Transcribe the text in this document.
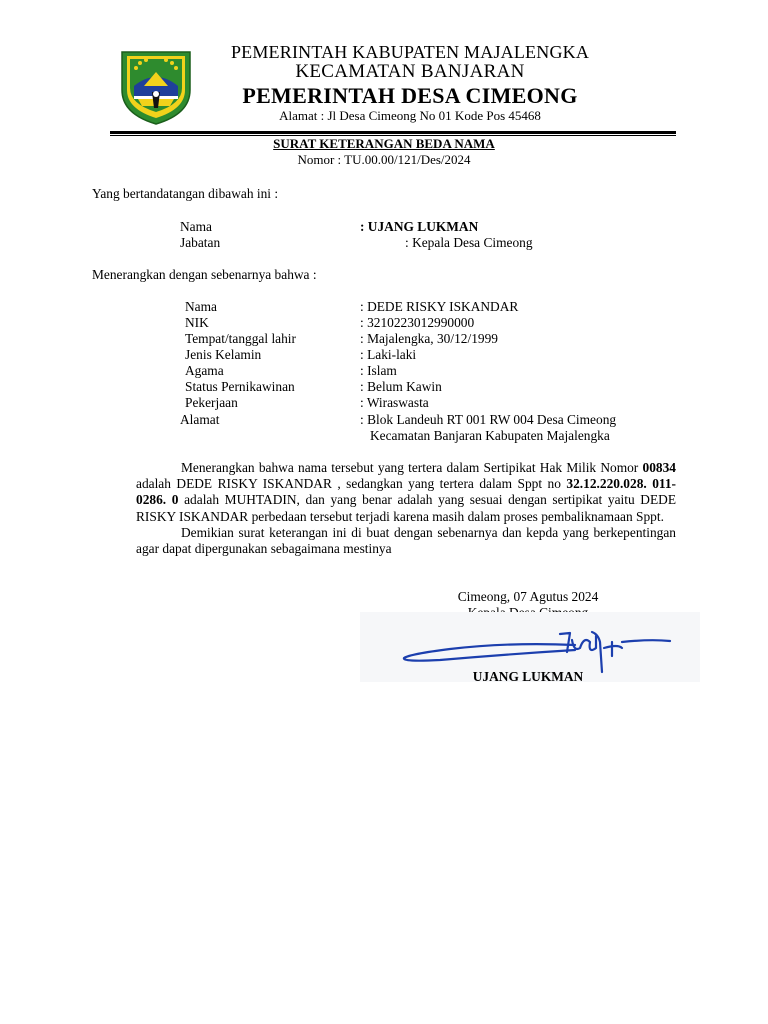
PEMERINTAH KABUPATEN MAJALENGKA
KECAMATAN BANJARAN
PEMERINTAH DESA CIMEONG
Alamat : Jl Desa Cimeong No 01 Kode Pos 45468
SURAT KETERANGAN BEDA NAMA
Nomor : TU.00.00/121/Des/2024
Yang bertandatangan dibawah ini :
Nama	: UJANG LUKMAN
Jabatan	: Kepala Desa Cimeong
Menerangkan dengan sebenarnya bahwa :
Nama	: DEDE RISKY ISKANDAR
NIK	: 3210223012990000
Tempat/tanggal lahir	: Majalengka, 30/12/1999
Jenis Kelamin	: Laki-laki
Agama	: Islam
Status Pernikawinan	: Belum Kawin
Pekerjaan	: Wiraswasta
Alamat	: Blok Landeuh RT 001 RW 004 Desa Cimeong
Kecamatan Banjaran Kabupaten Majalengka

Menerangkan bahwa nama tersebut yang tertera dalam Sertipikat Hak Milik Nomor 00834 adalah DEDE RISKY ISKANDAR , sedangkan yang tertera dalam Sppt no 32.12.220.028. 011-0286. 0 adalah MUHTADIN, dan yang benar adalah yang sesuai dengan sertipikat yaitu DEDE RISKY ISKANDAR perbedaan tersebut terjadi karena masih dalam proses pembaliknamaan Sppt.

Demikian surat keterangan ini di buat dengan sebenarnya dan kepda yang berkepentingan agar dapat dipergunakan sebagaimana mestinya

Cimeong, 07 Agutus 2024
UJANG LUKMAN
